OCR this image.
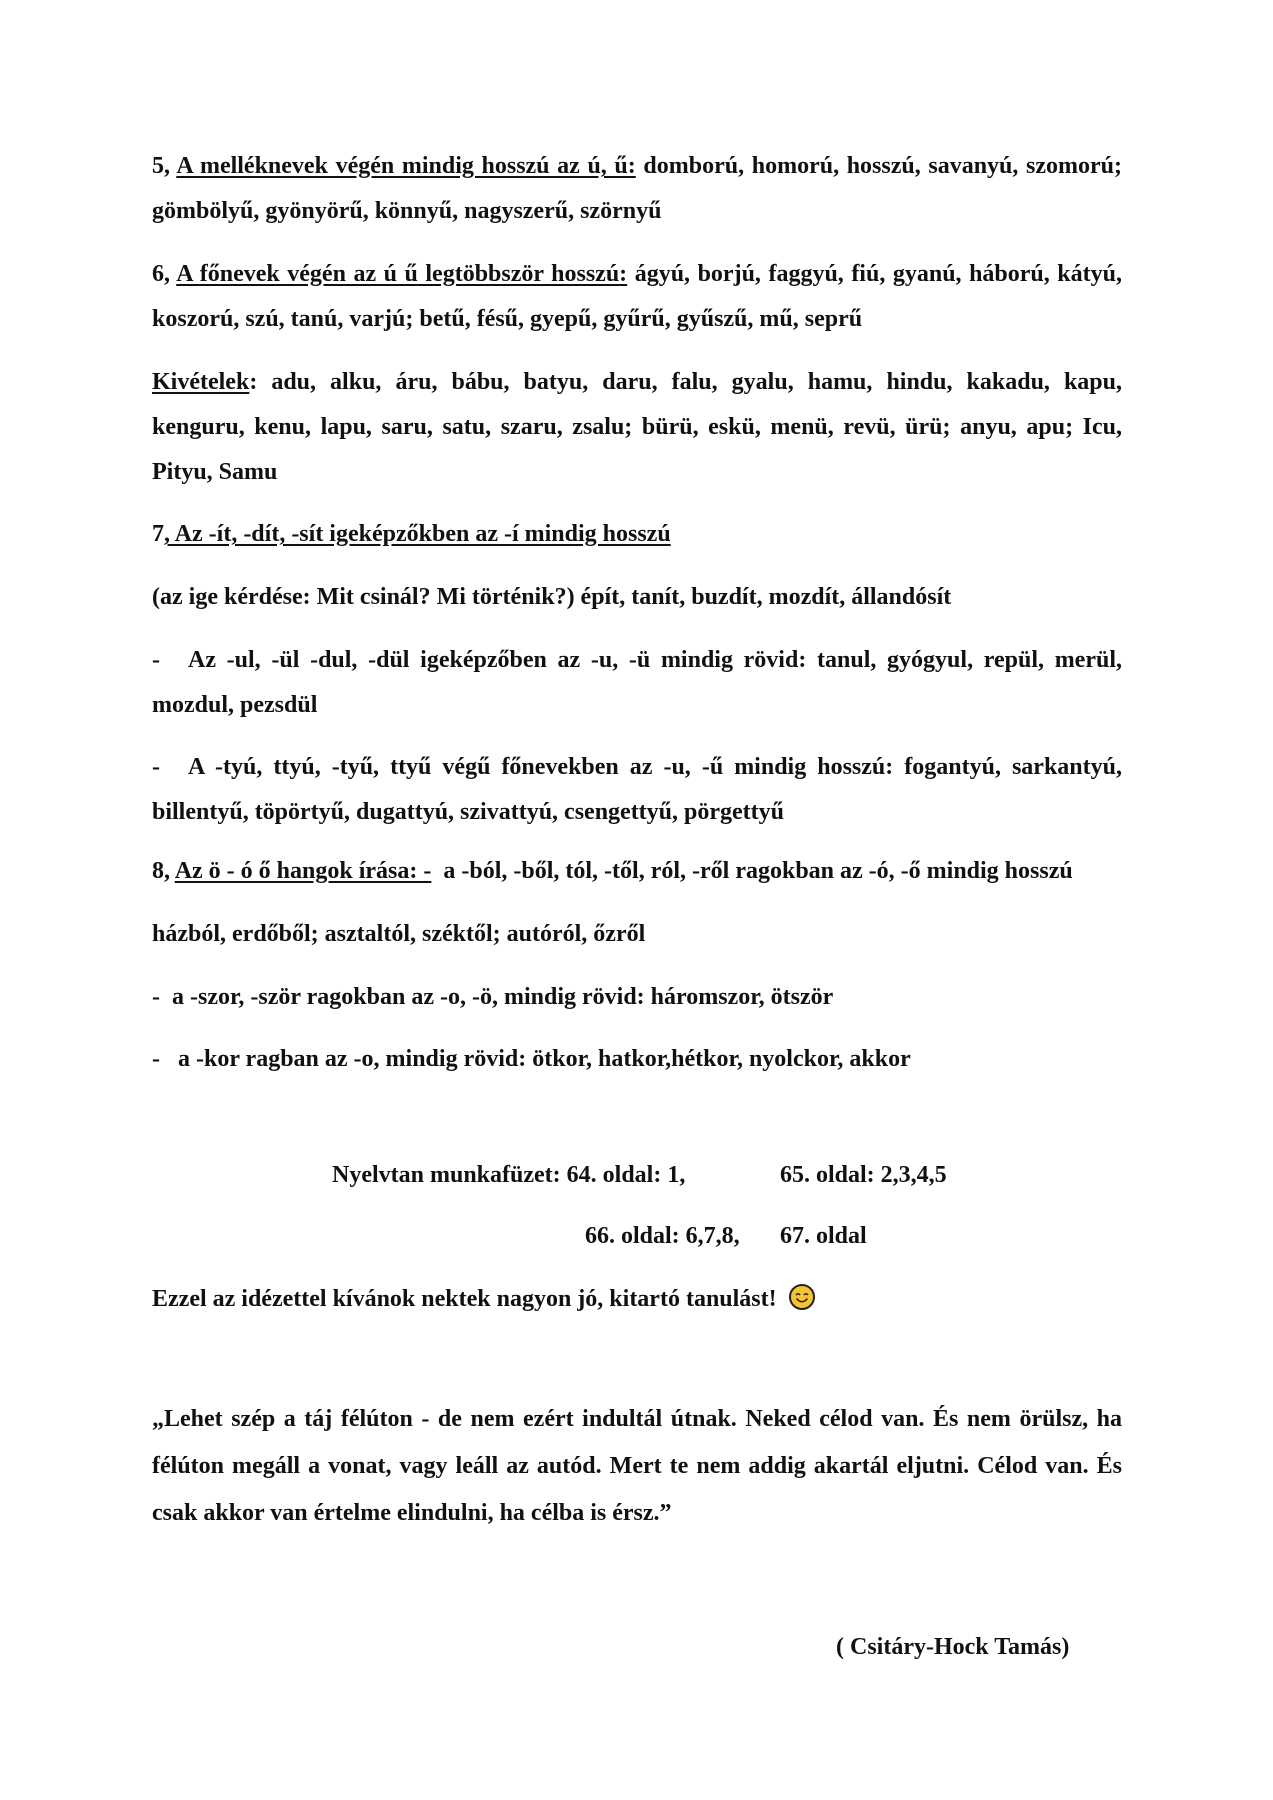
5, A melléknevek végén mindig hosszú az ú, ű: domború, homorú, hosszú, savanyú, szomorú; gömbölyű, gyönyörű, könnyű, nagyszerű, szörnyű

6, A főnevek végén az ú ű legtöbbször hosszú: ágyú, borjú, faggyú, fiú, gyanú, háború, kátyú, koszorú, szú, tanú, varjú; betű, fésű, gyepű, gyűrű, gyűszű, mű, seprű

Kivételek: adu, alku, áru, bábu, batyu, daru, falu, gyalu, hamu, hindu, kakadu, kapu, kenguru, kenu, lapu, saru, satu, szaru, zsalu; bürü, eskü, menü, revü, ürü; anyu, apu; Icu, Pityu, Samu

7, Az -ít, -dít, -sít igeképzőkben az -í mindig hosszú

(az ige kérdése: Mit csinál? Mi történik?) épít, tanít, buzdít, mozdít, állandósít

- Az -ul, -ül -dul, -dül igeképzőben az -u, -ü mindig rövid: tanul, gyógyul, repül, merül, mozdul, pezsdül

- A -tyú, ttyú, -tyű, ttyű végű főnevekben az -u, -ű mindig hosszú: fogantyú, sarkantyú, billentyű, töpörtyű, dugattyú, szivattyú, csengettyű, pörgettyű

8, Az ö - ó ő hangok írása: - a -ból, -ből, tól, -től, ról, -ről ragokban az -ó, -ő mindig hosszú

házból, erdőből; asztaltól, széktől; autóról, őzről

- a -szor, -ször ragokban az -o, -ö, mindig rövid: háromszor, ötször

- a -kor ragban az -o, mindig rövid: ötkor, hatkor,hétkor, nyolckor, akkor

Nyelvtan munkafüzet: 64. oldal: 1,	65. oldal: 2,3,4,5
66. oldal: 6,7,8, 67. oldal
Ezzel az idézettel kívánok nektek nagyon jó, kitartó tanulást!

„Lehet szép a táj félúton - de nem ezért indultál útnak. Neked célod van. És nem örülsz, ha félúton megáll a vonat, vagy leáll az autód. Mert te nem addig akartál eljutni. Célod van. És csak akkor van értelme elindulni, ha célba is érsz.”

( Csitáry-Hock Tamás)
